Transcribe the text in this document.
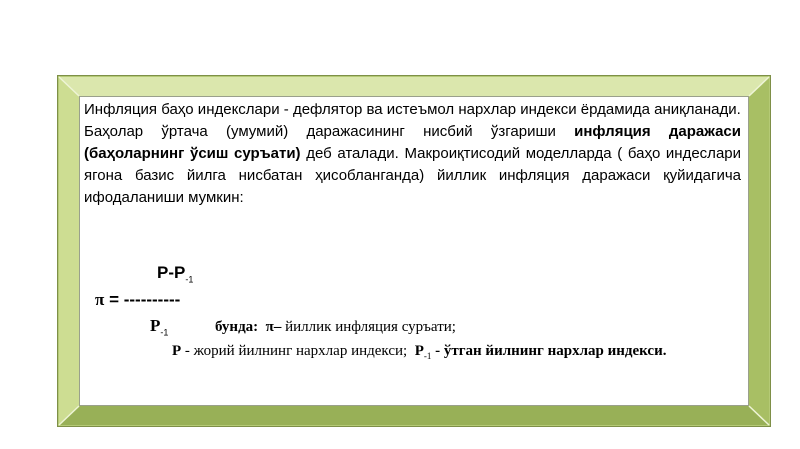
Инфляция баҳо индекслари - дефлятор ва истеъмол нархлар индекси ёрдамида аниқланади.
Баҳолар ўртача (умумий) даражасининг нисбий ўзгариши инфляция даражаси (баҳоларнинг ўсиш суръати) деб аталади. Макроиқтисодий моделларда ( баҳо индеслари ягона базис йилга нисбатан ҳисобланганда) йиллик инфляция даражаси қуйидагича ифодаланиши мумкин:

$P-P_{-1}$
π = ----------
$P_{-1}$	бунда: π– йиллик инфляция суръати;
P - жорий йилнинг нархлар индекси; $P_{-1}$ - ўтган йилнинг нархлар индекси.
